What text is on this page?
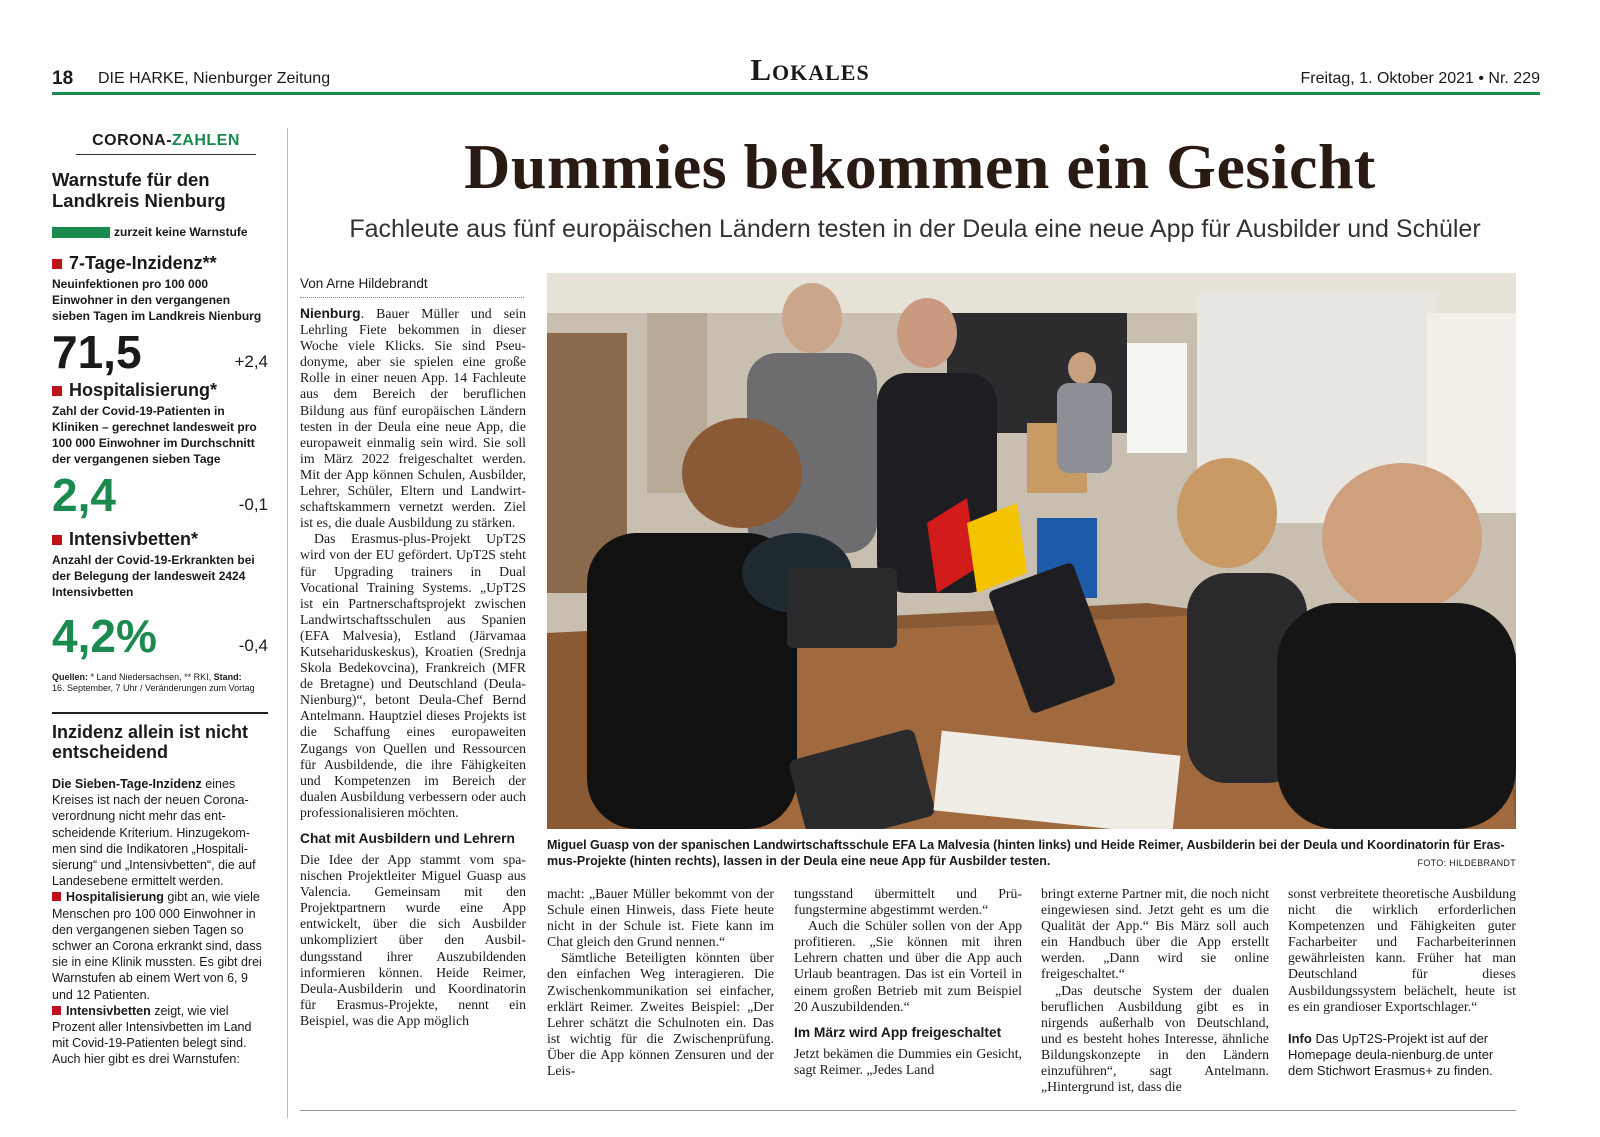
18 DIE HARKE, Nienburger Zeitung	Lokales	Freitag, 1. Oktober 2021 • Nr. 229
CORONA-ZAHLEN
Warnstufe für den Landkreis Nienburg
zurzeit keine Warnstufe
7-Tage-Inzidenz**
Neuinfektionen pro 100 000 Einwohner in den vergangenen sieben Tagen im Landkreis Nienburg
71,5	+2,4
Hospitalisierung*
Zahl der Covid-19-Patienten in Kliniken – gerechnet landesweit pro 100 000 Einwohner im Durchschnitt der vergangenen sieben Tage
2,4	-0,1
Intensivbetten*
Anzahl der Covid-19-Erkrankten bei der Belegung der landesweit 2424 Intensivbetten
4,2%	-0,4
Quellen: * Land Niedersachsen, ** RKI, Stand:
16. September, 7 Uhr / Veränderungen zum Vortag
Inzidenz allein ist nicht entscheidend

Die Sieben-Tage-Inzidenz eines Kreises ist nach der neuen Coronaverordnung nicht mehr das entscheidende Kriterium. Hinzugekommen sind die Indikatoren „Hospitalisierung“ und „Intensivbetten“, die auf Landesebene ermittelt werden.

Hospitalisierung gibt an, wie viele Menschen pro 100 000 Einwohner in den vergangenen sieben Tagen so schwer an Corona erkrankt sind, dass sie in eine Klinik mussten. Es gibt drei Warnstufen ab einem Wert von 6, 9 und 12 Patienten.

Intensivbetten zeigt, wie viel Prozent aller Intensivbetten im Land mit Covid-19-Patienten belegt sind. Auch hier gibt es drei Warnstufen:

Dummies bekommen ein Gesicht
Fachleute aus fünf europäischen Ländern testen in der Deula eine neue App für Ausbilder und Schüler
Miguel Guasp von der spanischen Landwirtschaftsschule EFA La Malvesia (hinten links) und Heide Reimer, Ausbilderin bei der Deula und Koordinatorin für Erasmus-Projekte (hinten rechts), lassen in der Deula eine neue App für Ausbilder testen.	FOTO: HILDEBRANDT
Von Arne Hildebrandt

Nienburg. Bauer Müller und sein Lehrling Fiete bekommen in dieser Woche viele Klicks. Sie sind Pseudonyme, aber sie spielen eine große Rolle in einer neuen App. 14 Fachleute aus dem Bereich der beruflichen Bildung aus fünf europäischen Ländern testen in der Deula eine neue App, die europaweit einmalig sein wird. Sie soll im März 2022 freigeschaltet werden. Mit der App können Schulen, Ausbilder, Lehrer, Schüler, Eltern und Landwirtschaftskammern vernetzt werden. Ziel ist es, die duale Ausbildung zu stärken.

Das Erasmus-plus-Projekt UpT2S wird von der EU gefördert. UpT2S steht für Upgrading trainers in Dual Vocational Training Systems. „UpT2S ist ein Partnerschaftsprojekt zwischen Landwirtschaftsschulen aus Spanien (EFA Malvesia), Estland (Järvamaa Kutsehariduskeskus), Kroatien (Srednja Skola Bedekovcina), Frankreich (MFR de Bretagne) und Deutschland (Deula-Nienburg)“, betont Deula-Chef Bernd Antelmann. Hauptziel dieses Projekts ist die Schaffung eines europaweiten Zugangs von Quellen und Ressourcen für Ausbildende, die ihre Fähigkeiten und Kompetenzen im Bereich der dualen Ausbildung verbessern oder auch professionalisieren möchten.

Chat mit Ausbildern und Lehrern

Die Idee der App stammt vom spanischen Projektleiter Miguel Guasp aus Valencia. Gemeinsam mit den Projektpartnern wurde eine App entwickelt, über die sich Ausbilder unkompliziert über den Ausbildungsstand ihrer Auszubildenden informieren können. Heide Reimer, Deula-Ausbilderin und Koordinatorin für Erasmus-Projekte, nennt ein Beispiel, was die App möglich

macht: „Bauer Müller bekommt von der Schule einen Hinweis, dass Fiete heute nicht in der Schule ist. Fiete kann im Chat gleich den Grund nennen.“

Sämtliche Beteiligten könnten über den einfachen Weg interagieren. Die Zwischenkommunikation sei einfacher, erklärt Reimer. Zweites Beispiel: „Der Lehrer schätzt die Schulnoten ein. Das ist wichtig für die Zwischenprüfung. Über die App können Zensuren und der Leis-

tungsstand übermittelt und Prüfungstermine abgestimmt werden.“

Auch die Schüler sollen von der App profitieren. „Sie können mit ihren Lehrern chatten und über die App auch Urlaub beantragen. Das ist ein Vorteil in einem großen Betrieb mit zum Beispiel 20 Auszubildenden.“

Im März wird App freigeschaltet

Jetzt bekämen die Dummies ein Gesicht, sagt Reimer. „Jedes Land

bringt externe Partner mit, die noch nicht eingewiesen sind. Jetzt geht es um die Qualität der App.“ Bis März soll auch ein Handbuch über die App erstellt werden. „Dann wird sie online freigeschaltet.“

„Das deutsche System der dualen beruflichen Ausbildung gibt es in nirgends außerhalb von Deutschland, und es besteht hohes Interesse, ähnliche Bildungskonzepte in den Ländern einzuführen“, sagt Antelmann. „Hintergrund ist, dass die

sonst verbreitete theoretische Ausbildung nicht die wirklich erforderlichen Kompetenzen und Fähigkeiten guter Facharbeiter und Facharbeiterinnen gewährleisten kann. Früher hat man Deutschland für dieses Ausbildungssystem belächelt, heute ist es ein grandioser Exportschlager.“

Info Das UpT2S-Projekt ist auf der Homepage deula-nienburg.de unter dem Stichwort Erasmus+ zu finden.
